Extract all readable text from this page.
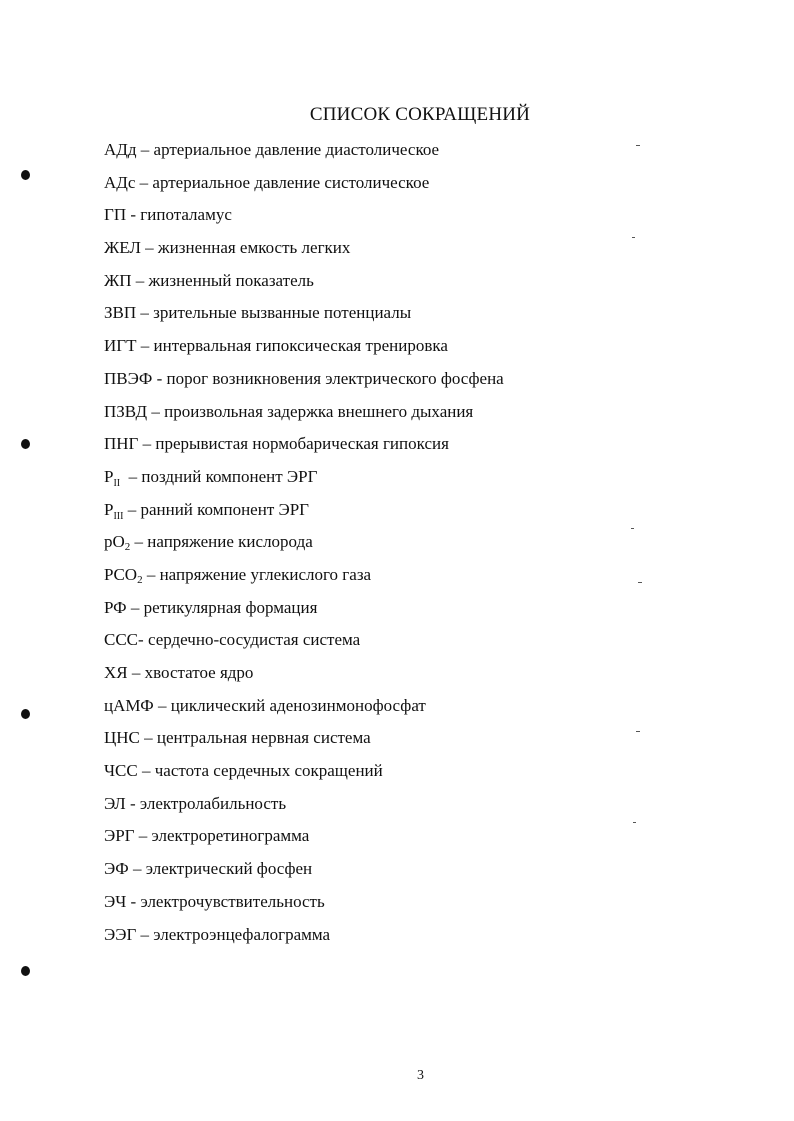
СПИСОК СОКРАЩЕНИЙ
АДд – артериальное давление диастолическое
АДс – артериальное давление систолическое
ГП - гипоталамус
ЖЕЛ – жизненная емкость легких
ЖП – жизненный показатель
ЗВП – зрительные вызванные потенциалы
ИГТ – интервальная гипоксическая тренировка
ПВЭФ - порог возникновения электрического фосфена
ПЗВД – произвольная задержка внешнего дыхания
ПНГ – прерывистая нормобарическая гипоксия
$P_{II}$  – поздний компонент ЭРГ
$P_{III}$ – ранний компонент ЭРГ
$pO_2$ – напряжение кислорода
$PCO_2$ – напряжение углекислого газа
РФ – ретикулярная формация
ССС- сердечно-сосудистая система
ХЯ – хвостатое ядро
цАМФ – циклический аденозинмонофосфат
ЦНС – центральная нервная система
ЧСС – частота сердечных сокращений
ЭЛ - электролабильность
ЭРГ – электроретинограмма
ЭФ – электрический фосфен
ЭЧ - электрочувствительность
ЭЭГ – электроэнцефалограмма
3
